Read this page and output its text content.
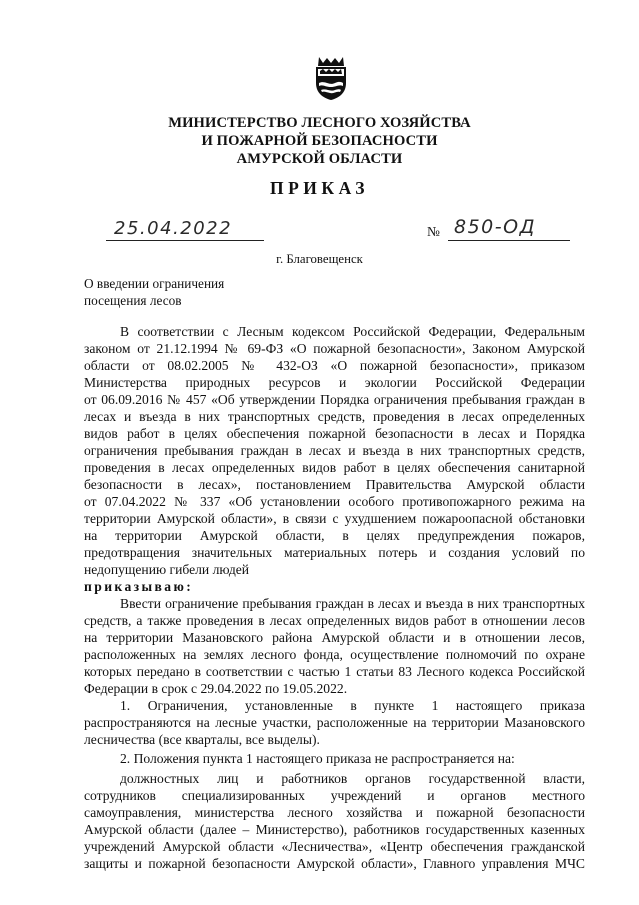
МИНИСТЕРСТВО ЛЕСНОГО ХОЗЯЙСТВА
И ПОЖАРНОЙ БЕЗОПАСНОСТИ
АМУРСКОЙ ОБЛАСТИ
ПРИКАЗ
25.04.2022	№ 850-ОД
г. Благовещенск
О введении ограничения
посещения лесов
В соответствии с Лесным кодексом Российской Федерации, Федеральным
законом от 21.12.1994 № 69-ФЗ «О пожарной безопасности», Законом Амурской
области от 08.02.2005 № 432-ОЗ «О пожарной безопасности», приказом
Министерства природных ресурсов и экологии Российской Федерации
от 06.09.2016 № 457 «Об утверждении Порядка ограничения пребывания граждан в
лесах и въезда в них транспортных средств, проведения в лесах определенных
видов работ в целях обеспечения пожарной безопасности в лесах и Порядка
ограничения пребывания граждан в лесах и въезда в них транспортных средств,
проведения в лесах определенных видов работ в целях обеспечения санитарной
безопасности в лесах», постановлением Правительства Амурской области
от 07.04.2022 № 337 «Об установлении особого противопожарного режима на
территории Амурской области», в связи с ухудшением пожароопасной обстановки
на территории Амурской области, в целях предупреждения пожаров,
предотвращения значительных материальных потерь и создания условий по
недопущению гибели людей
приказываю:
Ввести ограничение пребывания граждан в лесах и въезда в них транспортных
средств, а также проведения в лесах определенных видов работ в отношении лесов
на территории Мазановского района Амурской области и в отношении лесов,
расположенных на землях лесного фонда, осуществление полномочий по охране
которых передано в соответствии с частью 1 статьи 83 Лесного кодекса Российской
Федерации в срок с 29.04.2022 по 19.05.2022.
1. Ограничения, установленные в пункте 1 настоящего приказа
распространяются на лесные участки, расположенные на территории Мазановского
лесничества (все кварталы, все выделы).
2. Положения пункта 1 настоящего приказа не распространяется на:
должностных лиц и работников органов государственной власти,
сотрудников специализированных учреждений и органов местного
самоуправления, министерства лесного хозяйства и пожарной безопасности
Амурской области (далее – Министерство), работников государственных казенных
учреждений Амурской области «Лесничества», «Центр обеспечения гражданской
защиты и пожарной безопасности Амурской области», Главного управления МЧС
